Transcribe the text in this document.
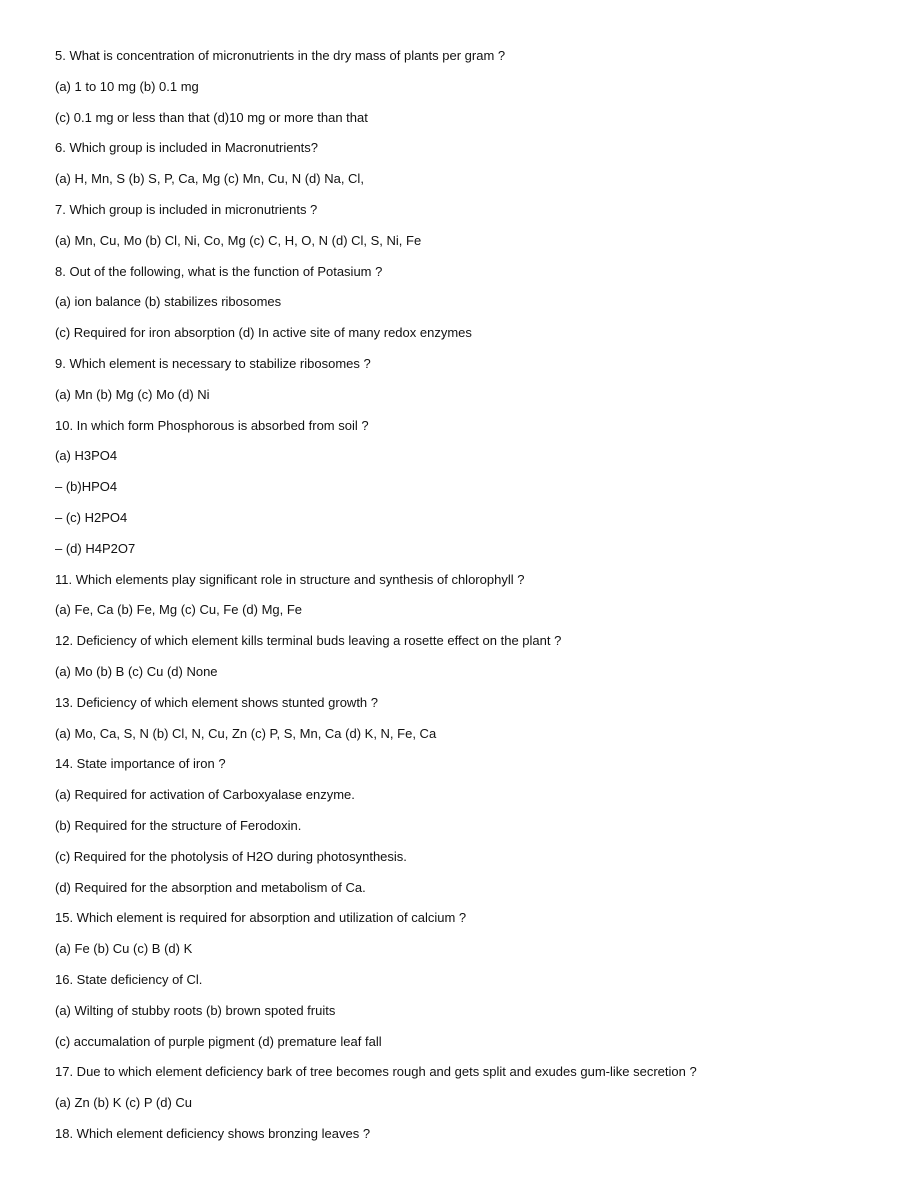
5. What is concentration of micronutrients in the dry mass of plants per gram ?
(a) 1 to 10 mg (b) 0.1 mg
(c) 0.1 mg or less than that (d)10 mg or more than that
6. Which group is included in Macronutrients?
(a) H, Mn, S (b) S, P, Ca, Mg (c) Mn, Cu, N (d) Na, Cl,
7. Which group is included in micronutrients ?
(a) Mn, Cu, Mo (b) Cl, Ni, Co, Mg (c) C, H, O, N (d) Cl, S, Ni, Fe
8. Out of the following, what is the function of Potasium ?
(a) ion balance (b) stabilizes ribosomes
(c) Required for iron absorption (d) In active site of many redox enzymes
9. Which element is necessary to stabilize ribosomes ?
(a) Mn (b) Mg (c) Mo (d) Ni
10. In which form Phosphorous is absorbed from soil ?
(a) H3PO4
– (b)HPO4
– (c) H2PO4
– (d) H4P2O7
11. Which elements play significant role in structure and synthesis of chlorophyll ?
(a) Fe, Ca (b) Fe, Mg (c) Cu, Fe (d) Mg, Fe
12. Deficiency of which element kills terminal buds leaving a rosette effect on the plant ?
(a) Mo (b) B (c) Cu (d) None
13. Deficiency of which element shows stunted growth ?
(a) Mo, Ca, S, N (b) Cl, N, Cu, Zn (c) P, S, Mn, Ca (d) K, N, Fe, Ca
14. State importance of iron ?
(a) Required for activation of Carboxyalase enzyme.
(b) Required for the structure of Ferodoxin.
(c) Required for the photolysis of H2O during photosynthesis.
(d) Required for the absorption and metabolism of Ca.
15. Which element is required for absorption and utilization of calcium ?
(a) Fe (b) Cu (c) B (d) K
16. State deficiency of Cl.
(a) Wilting of stubby roots (b) brown spoted fruits
(c) accumalation of purple pigment (d) premature leaf fall
17. Due to which element deficiency bark of tree becomes rough and gets split and exudes gum-like secretion ?
(a) Zn (b) K (c) P (d) Cu
18. Which element deficiency shows bronzing leaves ?
